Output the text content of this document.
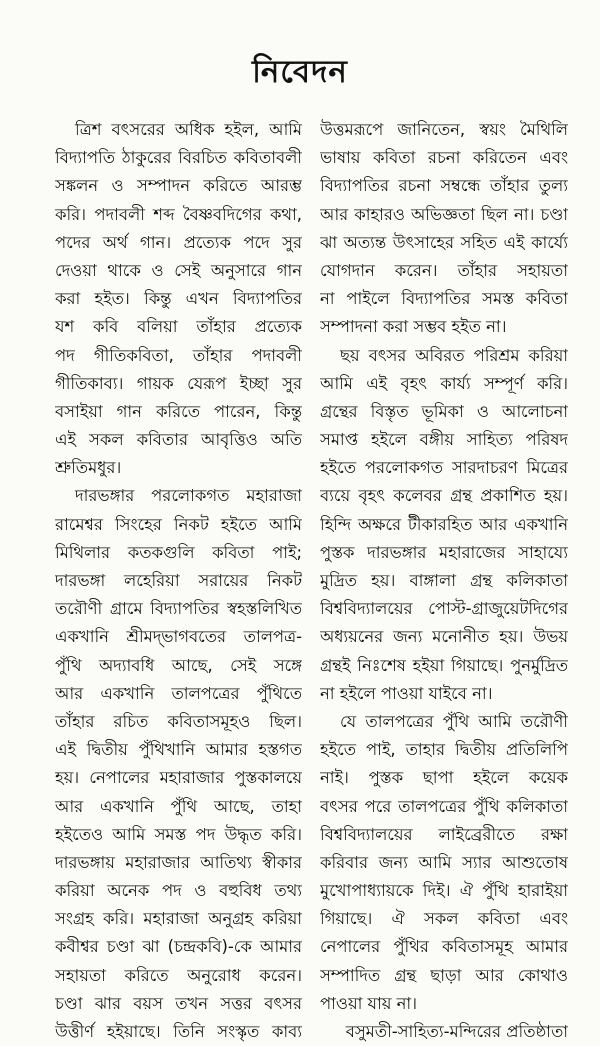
নিবেদন
ত্রিশ বৎসরের অধিক হইল, আমি
বিদ্যাপতি ঠাকুরের বিরচিত কবিতাবলী
সঙ্কলন ও সম্পাদন করিতে আরম্ভ
করি। পদাবলী শব্দ বৈষ্ণবদিগের কথা,
পদের অর্থ গান। প্রত্যেক পদে সুর
দেওয়া থাকে ও সেই অনুসারে গান
করা হইত। কিন্তু এখন বিদ্যাপতির
যশ কবি বলিয়া তাঁহার প্রত্যেক
পদ গীতিকবিতা, তাঁহার পদাবলী
গীতিকাব্য। গায়ক যেরূপ ইচ্ছা সুর
বসাইয়া গান করিতে পারেন, কিন্তু
এই সকল কবিতার আবৃত্তিও অতি
শ্রুতিমধুর।
দারভঙ্গার পরলোকগত মহারাজা
রামেশ্বর সিংহের নিকট হইতে আমি
মিথিলার কতকগুলি কবিতা পাই;
দারভঙ্গা লহেরিয়া সরায়ের নিকট
তরৌণী গ্রামে বিদ্যাপতির স্বহস্তলিখিত
একখানি শ্রীমদ্‌ভাগবতের তালপত্র-
পুঁথি অদ্যাবধি আছে, সেই সঙ্গে
আর একখানি তালপত্রের পুঁথিতে
তাঁহার রচিত কবিতাসমূহও ছিল।
এই দ্বিতীয় পুঁথিখানি আমার হস্তগত
হয়। নেপালের মহারাজার পুস্তকালয়ে
আর একখানি পুঁথি আছে, তাহা
হইতেও আমি সমস্ত পদ উদ্ধৃত করি।
দারভঙ্গায় মহারাজার আতিথ্য স্বীকার
করিয়া অনেক পদ ও বহুবিধ তথ্য
সংগ্রহ করি। মহারাজা অনুগ্রহ করিয়া
কবীশ্বর চণ্ডা ঝা (চন্দ্রকবি)-কে আমার
সহায়তা করিতে অনুরোধ করেন।
চণ্ডা ঝার বয়স তখন সত্তর বৎসর
উত্তীর্ণ হইয়াছে। তিনি সংস্কৃত কাব্য
উত্তমরূপে জানিতেন, স্বয়ং মৈথিলি
ভাষায় কবিতা রচনা করিতেন এবং
বিদ্যাপতির রচনা সম্বন্ধে তাঁহার তুল্য
আর কাহারও অভিজ্ঞতা ছিল না। চণ্ডা
ঝা অত্যন্ত উৎসাহের সহিত এই কার্য্যে
যোগদান করেন। তাঁহার সহায়তা
না পাইলে বিদ্যাপতির সমস্ত কবিতা
সম্পাদনা করা সম্ভব হইত না।
ছয় বৎসর অবিরত পরিশ্রম করিয়া
আমি এই বৃহৎ কার্য্য সম্পূর্ণ করি।
গ্রন্থের বিস্তৃত ভূমিকা ও আলোচনা
সমাপ্ত হইলে বঙ্গীয় সাহিত্য পরিষদ
হইতে পরলোকগত সারদাচরণ মিত্রের
ব্যয়ে বৃহৎ কলেবর গ্রন্থ প্রকাশিত হয়।
হিন্দি অক্ষরে টীকারহিত আর একখানি
পুস্তক দারভঙ্গার মহারাজের সাহায্যে
মুদ্রিত হয়। বাঙ্গালা গ্রন্থ কলিকাতা
বিশ্ববিদ্যালয়ের পোস্ট-গ্রাজুয়েটদিগের
অধ্যয়নের জন্য মনোনীত হয়। উভয়
গ্রন্থই নিঃশেষ হইয়া গিয়াছে। পুনর্মুদ্রিত
না হইলে পাওয়া যাইবে না।
যে তালপত্রের পুঁথি আমি তরৌণী
হইতে পাই, তাহার দ্বিতীয় প্রতিলিপি
নাই। পুস্তক ছাপা হইলে কয়েক
বৎসর পরে তালপত্রের পুঁথি কলিকাতা
বিশ্ববিদ্যালয়ের লাইব্রেরীতে রক্ষা
করিবার জন্য আমি স্যার আশুতোষ
মুখোপাধ্যায়কে দিই। ঐ পুঁথি হারাইয়া
গিয়াছে। ঐ সকল কবিতা এবং
নেপালের পুঁথির কবিতাসমূহ আমার
সম্পাদিত গ্রন্থ ছাড়া আর কোথাও
পাওয়া যায় না।
বসুমতী-সাহিত্য-মন্দিরের প্রতিষ্ঠাতা
